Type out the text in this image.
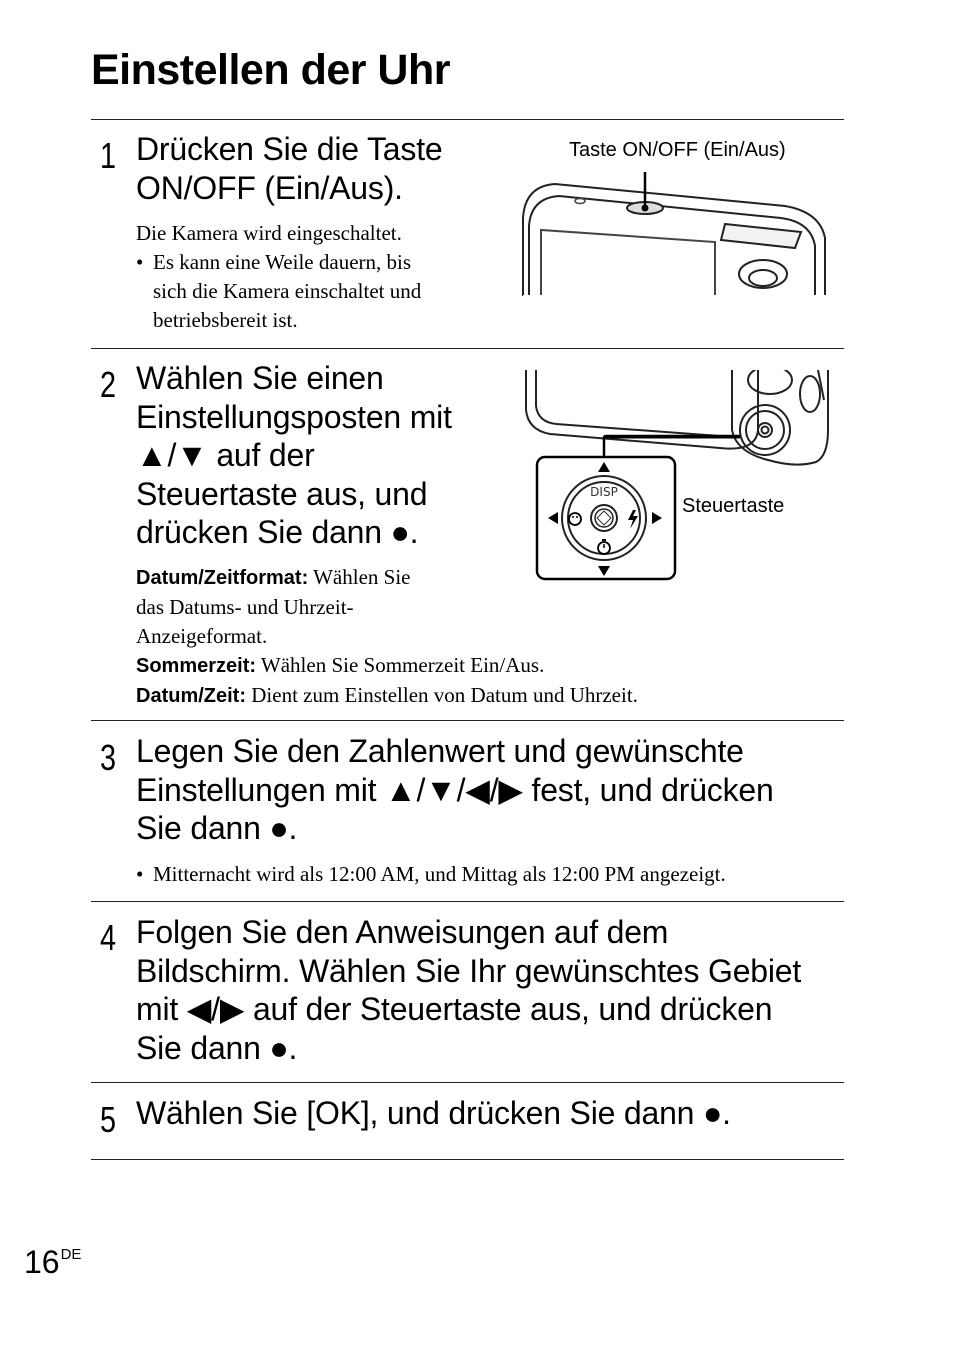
Einstellen der Uhr
1 Drücken Sie die Taste
ON/OFF (Ein/Aus).
Die Kamera wird eingeschaltet.
• Es kann eine Weile dauern, bis
sich die Kamera einschaltet und
betriebsbereit ist.
Taste ON/OFF (Ein/Aus)
2 Wählen Sie einen
Einstellungsposten mit
▲/▼ auf der
Steuertaste aus, und
drücken Sie dann ●.
Datum/Zeitformat: Wählen Sie
das Datums- und Uhrzeit-
Anzeigeformat.
Sommerzeit: Wählen Sie Sommerzeit Ein/Aus.
Datum/Zeit: Dient zum Einstellen von Datum und Uhrzeit.
DISP
Steuertaste
3 Legen Sie den Zahlenwert und gewünschte
Einstellungen mit ▲/▼/◀/▶ fest, und drücken
Sie dann ●.
• Mitternacht wird als 12:00 AM, und Mittag als 12:00 PM angezeigt.
4 Folgen Sie den Anweisungen auf dem
Bildschirm. Wählen Sie Ihr gewünschtes Gebiet
mit ◀/▶ auf der Steuertaste aus, und drücken
Sie dann ●.
5 Wählen Sie [OK], und drücken Sie dann ●.
16DE
